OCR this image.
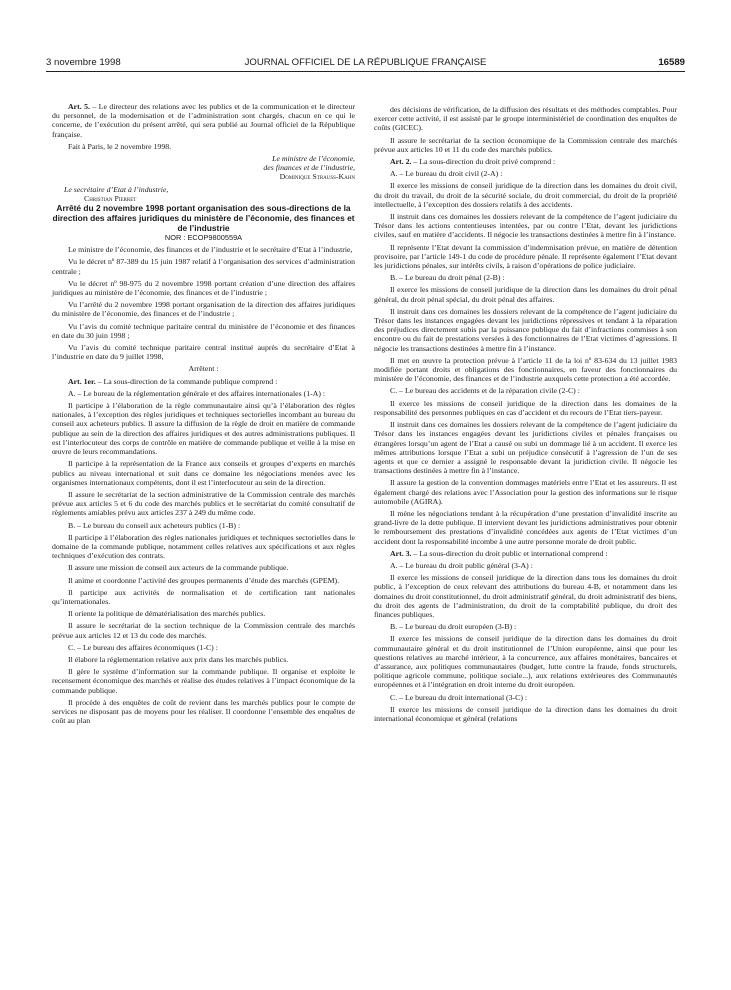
3 novembre 1998	JOURNAL OFFICIEL DE LA RÉPUBLIQUE FRANÇAISE	16589

Art. 5. – Le directeur des relations avec les publics et de la communication et le directeur du personnel, de la modernisation et de l’administration sont chargés, chacun en ce qui le concerne, de l’exécution du présent arrêté, qui sera publié au Journal officiel de la République française.

Fait à Paris, le 2 novembre 1998.

Le ministre de l’économie,

des finances et de l’industrie,

Dominique Strauss-Kahn

Le secrétaire d’Etat à l’industrie,

Christian Pierret

Arrêté du 2 novembre 1998 portant organisation des sous-directions de la direction des affaires juridiques du ministère de l’économie, des finances et de l’industrie

NOR : ECOP9800559A

Le ministre de l’économie, des finances et de l’industrie et le secrétaire d’Etat à l’industrie,

Vu le décret nº 87-389 du 15 juin 1987 relatif à l’organisation des services d’administration centrale ;

Vu le décret nº 98-975 du 2 novembre 1998 portant création d’une direction des affaires juridiques au ministère de l’économie, des finances et de l’industrie ;

Vu l’arrêté du 2 novembre 1998 portant organisation de la direction des affaires juridiques du ministère de l’économie, des finances et de l’industrie ;

Vu l’avis du comité technique paritaire central du ministère de l’économie et des finances en date du 30 juin 1998 ;

Vu l’avis du comité technique paritaire central institué auprès du secrétaire d’Etat à l’industrie en date du 9 juillet 1998,

Arrêtent :

Art. 1er. – La sous-direction de la commande publique comprend :

A. – Le bureau de la réglementation générale et des affaires internationales (1-A) :

Il participe à l’élaboration de la règle communautaire ainsi qu’à l’élaboration des règles nationales, à l’exception des règles juridiques et techniques sectorielles incombant au bureau du conseil aux acheteurs publics. Il assure la diffusion de la règle de droit en matière de commande publique au sein de la direction des affaires juridiques et des autres administrations publiques. Il est l’interlocuteur des corps de contrôle en matière de commande publique et veille à la mise en œuvre de leurs recommandations.

Il participe à la représentation de la France aux conseils et groupes d’experts en marchés publics au niveau international et suit dans ce domaine les négociations menées avec les organismes internationaux compétents, dont il est l’interlocuteur au sein de la direction.

Il assure le secrétariat de la section administrative de la Commission centrale des marchés prévue aux articles 5 et 6 du code des marchés publics et le secrétariat du comité consultatif de règlements amiables prévu aux articles 237 à 249 du même code.

B. – Le bureau du conseil aux acheteurs publics (1-B) :

Il participe à l’élaboration des règles nationales juridiques et techniques sectorielles dans le domaine de la commande publique, notamment celles relatives aux spécifications et aux règles techniques d’exécution des contrats.

Il assure une mission de conseil aux acteurs de la commande publique.

Il anime et coordonne l’activité des groupes permanents d’étude des marchés (GPEM).

Il participe aux activités de normalisation et de certification tant nationales qu’internationales.

Il oriente la politique de dématérialisation des marchés publics.

Il assure le secrétariat de la section technique de la Commission centrale des marchés prévue aux articles 12 et 13 du code des marchés.

C. – Le bureau des affaires économiques (1-C) :

Il élabore la réglementation relative aux prix dans les marchés publics.

Il gère le système d’information sur la commande publique. Il organise et exploite le recensement économique des marchés et réalise des études relatives à l’impact économique de la commande publique.

Il procède à des enquêtes de coût de revient dans les marchés publics pour le compte de services ne disposant pas de moyens pour les réaliser. Il coordonne l’ensemble des enquêtes de coût au plan

des décisions de vérification, de la diffusion des résultats et des méthodes comptables. Pour exercer cette activité, il est assisté par le groupe interministériel de coordination des enquêtes de coûts (GICEC).

Il assure le secrétariat de la section économique de la Commission centrale des marchés prévue aux articles 10 et 11 du code des marchés publics.

Art. 2. – La sous-direction du droit privé comprend :

A. – Le bureau du droit civil (2-A) :

Il exerce les missions de conseil juridique de la direction dans les domaines du droit civil, du droit du travail, du droit de la sécurité sociale, du droit commercial, du droit de la propriété intellectuelle, à l’exception des dossiers relatifs à des accidents.

Il instruit dans ces domaines les dossiers relevant de la compétence de l’agent judiciaire du Trésor dans les actions contentieuses intentées, par ou contre l’Etat, devant les juridictions civiles, sauf en matière d’accidents. Il négocie les transactions destinées à mettre fin à l’instance.

Il représente l’Etat devant la commission d’indemnisation prévue, en matière de détention provisoire, par l’article 149-1 du code de procédure pénale. Il représente également l’Etat devant les juridictions pénales, sur intérêts civils, à raison d’opérations de police judiciaire.

B. – Le bureau du droit pénal (2-B) :

Il exerce les missions de conseil juridique de la direction dans les domaines du droit pénal général, du droit pénal spécial, du droit pénal des affaires.

Il instruit dans ces domaines les dossiers relevant de la compétence de l’agent judiciaire du Trésor dans les instances engagées devant les juridictions répressives et tendant à la réparation des préjudices directement subis par la puissance publique du fait d’infractions commises à son encontre ou du fait de prestations versées à des fonctionnaires de l’Etat victimes d’agressions. Il négocie les transactions destinées à mettre fin à l’instance.

Il met en œuvre la protection prévue à l’article 11 de la loi nº 83-634 du 13 juillet 1983 modifiée portant droits et obligations des fonctionnaires, en faveur des fonctionnaires du ministère de l’économie, des finances et de l’industrie auxquels cette protection a été accordée.

C. – Le bureau des accidents et de la réparation civile (2-C) :

Il exerce les missions de conseil juridique de la direction dans les domaines de la responsabilité des personnes publiques en cas d’accident et du recours de l’Etat tiers-payeur.

Il instruit dans ces domaines les dossiers relevant de la compétence de l’agent judiciaire du Trésor dans les instances engagées devant les juridictions civiles et pénales françaises ou étrangères lorsqu’un agent de l’Etat a causé ou subi un dommage lié à un accident. Il exerce les mêmes attributions lorsque l’Etat a subi un préjudice consécutif à l’agression de l’un de ses agents et que ce dernier a assigné le responsable devant la juridiction civile. Il négocie les transactions destinées à mettre fin à l’instance.

Il assure la gestion de la convention dommages matériels entre l’Etat et les assureurs. Il est également chargé des relations avec l’Association pour la gestion des informations sur le risque automobile (AGIRA).

Il mène les négociations tendant à la récupération d’une prestation d’invalidité inscrite au grand-livre de la dette publique. Il intervient devant les juridictions administratives pour obtenir le remboursement des prestations d’invalidité concédées aux agents de l’Etat victimes d’un accident dont la responsabilité incombe à une autre personne morale de droit public.

Art. 3. – La sous-direction du droit public et international comprend :

A. – Le bureau du droit public général (3-A) :

Il exerce les missions de conseil juridique de la direction dans tous les domaines du droit public, à l’exception de ceux relevant des attributions du bureau 4-B, et notamment dans les domaines du droit constitutionnel, du droit administratif général, du droit administratif des biens, du droit des agents de l’administration, du droit de la comptabilité publique, du droit des finances publiques.

B. – Le bureau du droit européen (3-B) :

Il exerce les missions de conseil juridique de la direction dans les domaines du droit communautaire général et du droit institutionnel de l’Union européenne, ainsi que pour les questions relatives au marché intérieur, à la concurrence, aux affaires monétaires, bancaires et d’assurance, aux politiques communautaires (budget, lutte contre la fraude, fonds structurels, politique agricole commune, politique sociale...), aux relations extérieures des Communautés européennes et à l’intégration en droit interne du droit européen.

C. – Le bureau du droit international (3-C) :

Il exerce les missions de conseil juridique de la direction dans les domaines du droit international économique et général (relations
